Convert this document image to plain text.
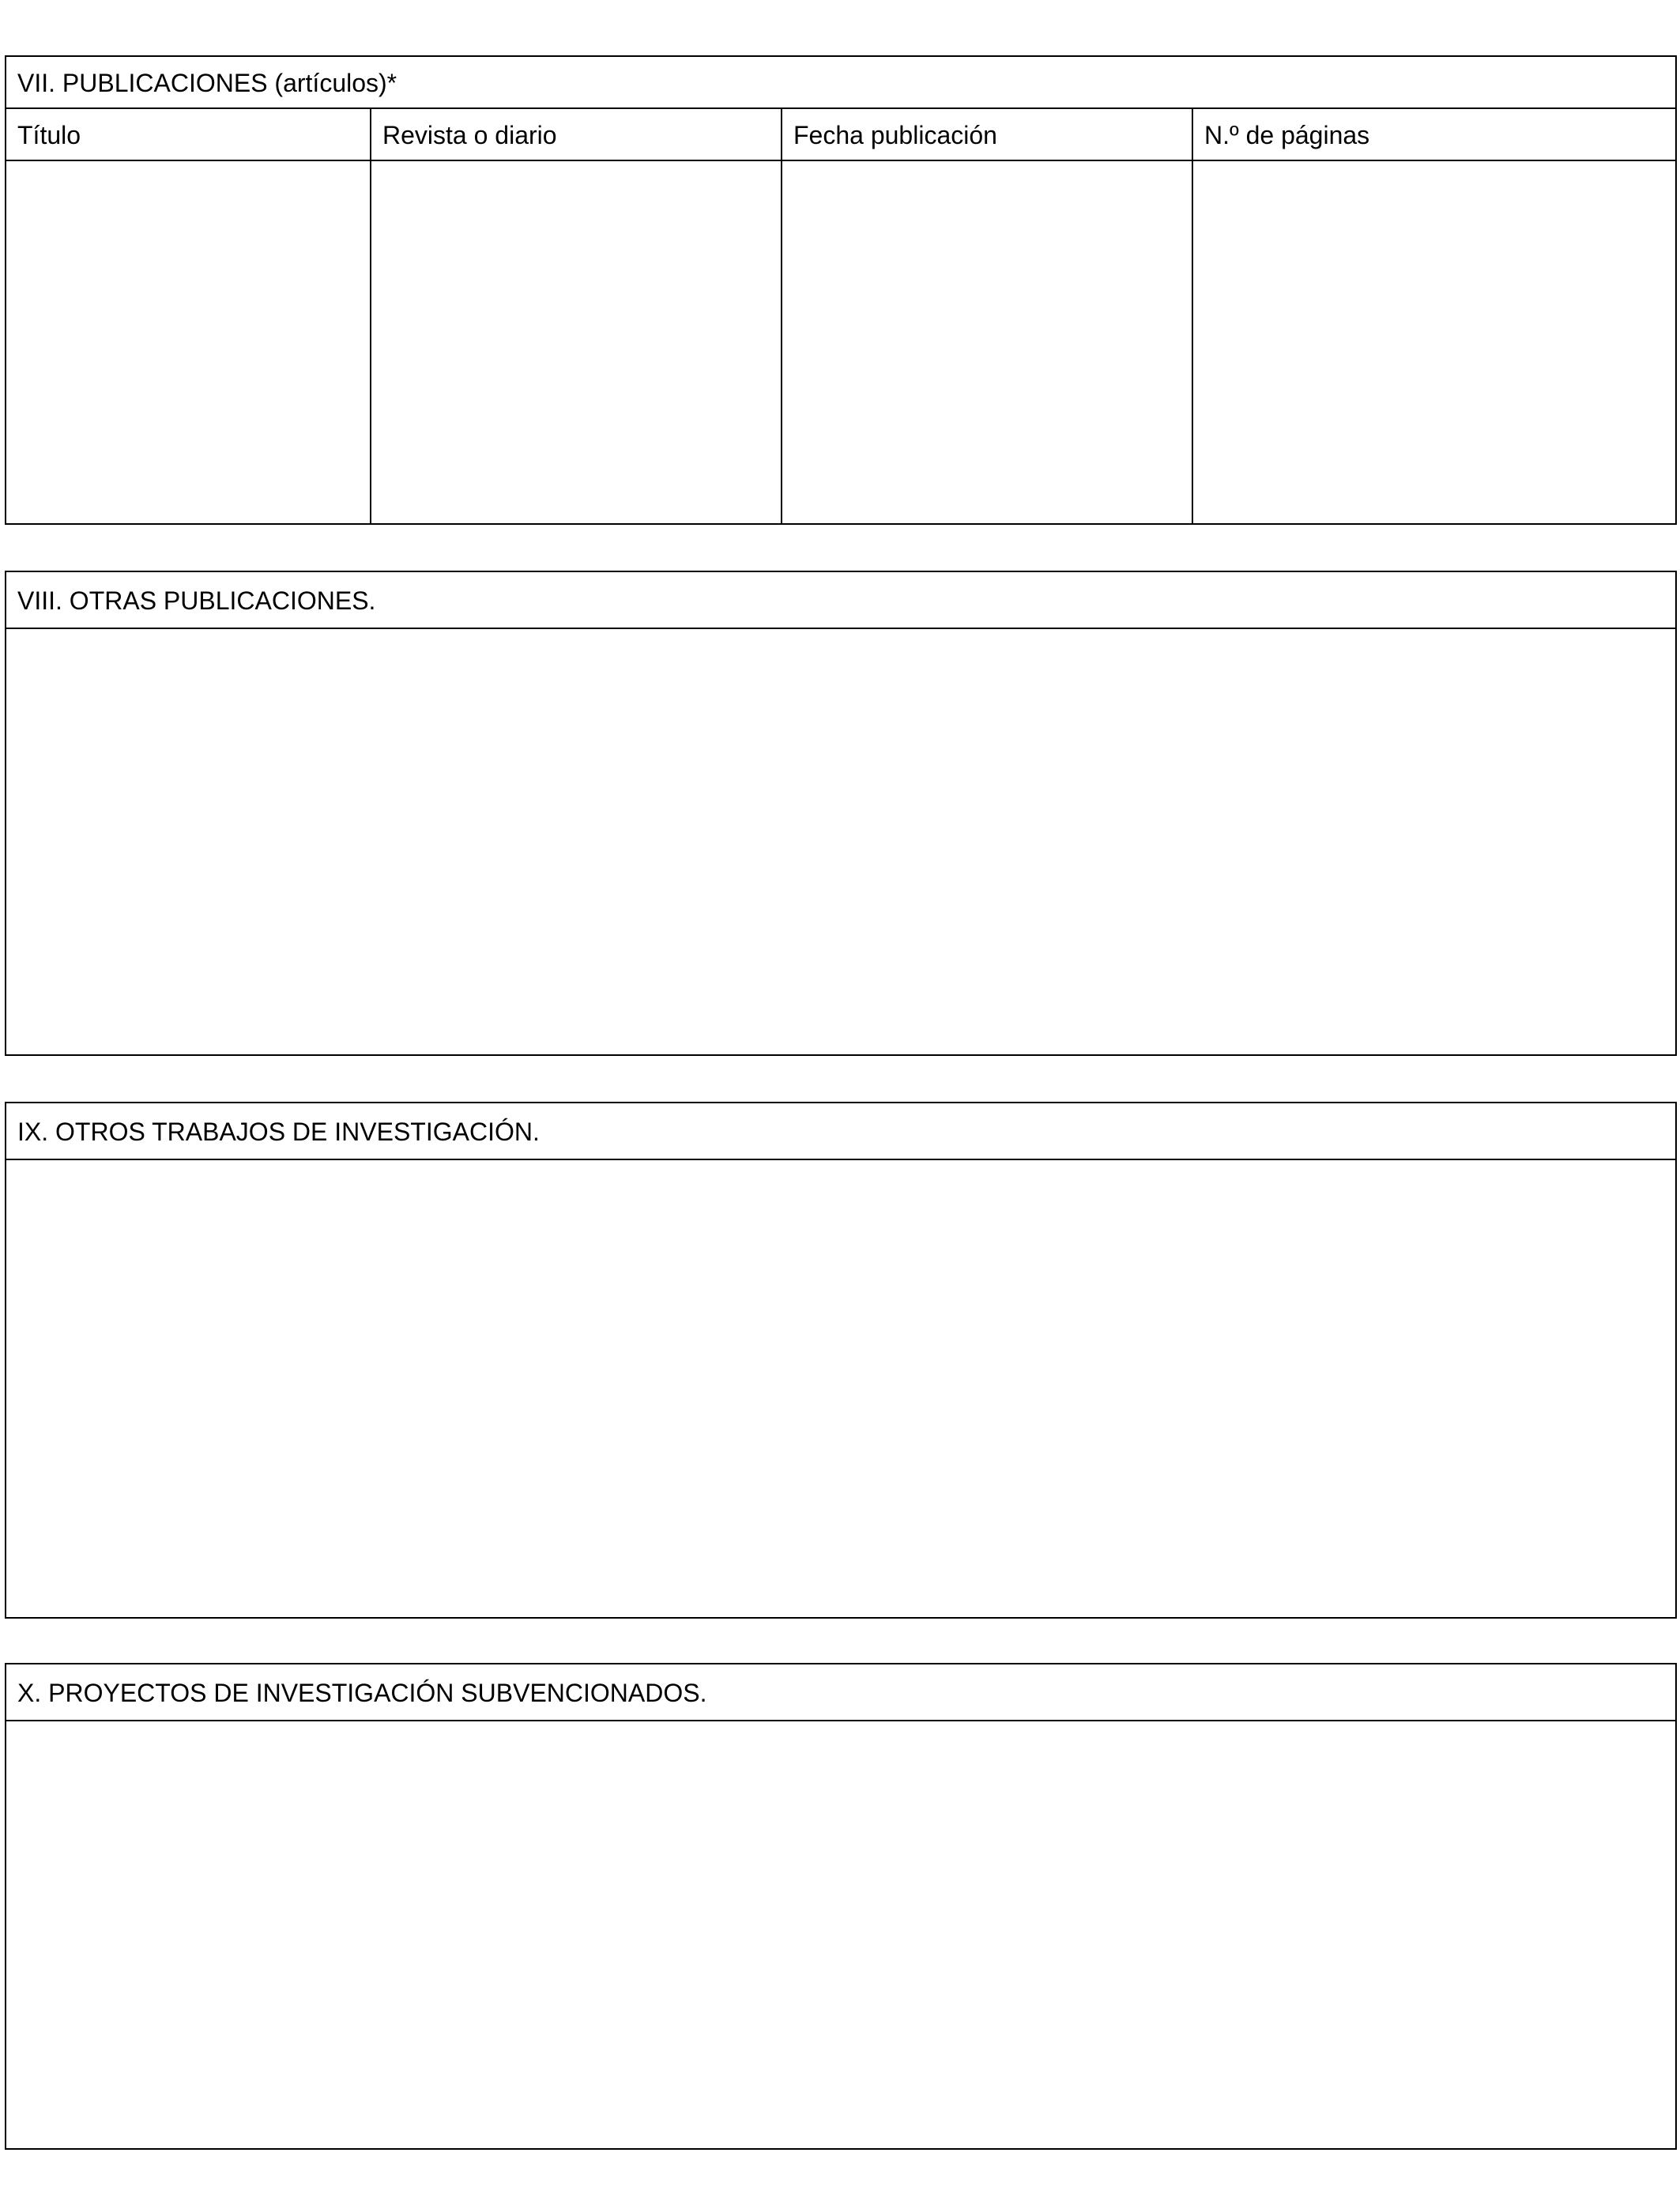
VII. PUBLICACIONES (artículos)*
Título	Revista o diario	Fecha publicación	N.º de páginas
VIII. OTRAS PUBLICACIONES.
IX. OTROS TRABAJOS DE INVESTIGACIÓN.
X. PROYECTOS DE INVESTIGACIÓN SUBVENCIONADOS.
